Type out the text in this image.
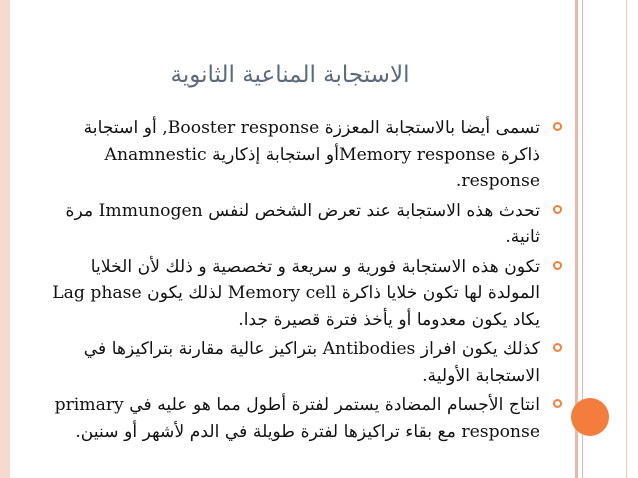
الاستجابة المناعية الثانوية
تسمى أيضا بالاستجابة المعززة Booster response, أو استجابة ذاكرة Memory responseأو استجابة إذكارية Anamnestic response.
تحدث هذه الاستجابة عند تعرض الشخص لنفس Immunogen مرة ثانية.
تكون هذه الاستجابة فورية و سريعة و تخصصية و ذلك لأن الخلايا المولدة لها تكون خلايا ذاكرة Memory cell لذلك يكون Lag phase يكاد يكون معدوما أو يأخذ فترة قصيرة جدا.
كذلك يكون افراز Antibodies بتراكيز عالية مقارنة بتراكيزها في الاستجابة الأولية.
انتاج الأجسام المضادة يستمر لفترة أطول مما هو عليه في primary response مع بقاء تراكيزها لفترة طويلة في الدم لأشهر أو سنين.
